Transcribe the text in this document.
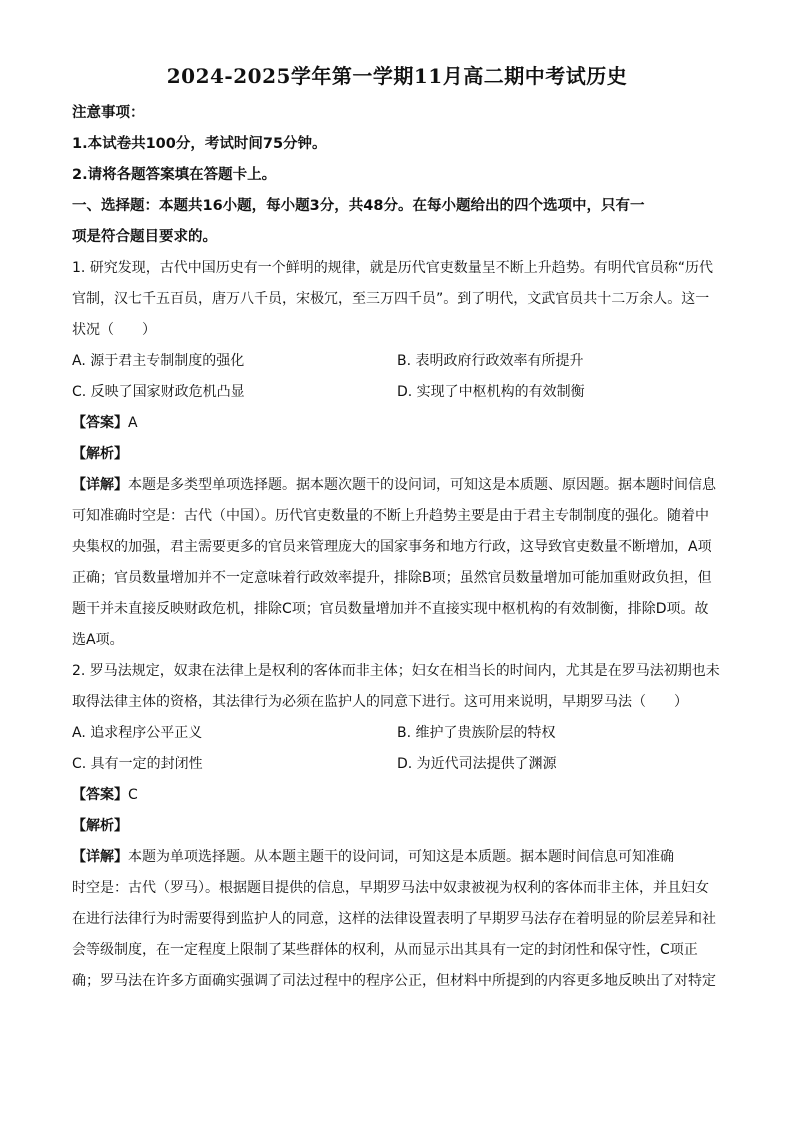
2024-2025学年第一学期11月高二期中考试历史
注意事项：
1.本试卷共100分，考试时间75分钟。
2.请将各题答案填在答题卡上。
一、选择题：本题共16小题，每小题3分，共48分。在每小题给出的四个选项中，只有一
项是符合题目要求的。
1. 研究发现，古代中国历史有一个鲜明的规律，就是历代官吏数量呈不断上升趋势。有明代官员称“历代
官制，汉七千五百员，唐万八千员，宋极冗，至三万四千员”。到了明代，文武官员共十二万余人。这一
状况（　　）
A. 源于君主专制制度的强化	B. 表明政府行政效率有所提升
C. 反映了国家财政危机凸显	D. 实现了中枢机构的有效制衡
【答案】A
【解析】
【详解】本题是多类型单项选择题。据本题次题干的设问词，可知这是本质题、原因题。据本题时间信息
可知准确时空是：古代（中国）。历代官吏数量的不断上升趋势主要是由于君主专制制度的强化。随着中
央集权的加强，君主需要更多的官员来管理庞大的国家事务和地方行政，这导致官吏数量不断增加，A项
正确；官员数量增加并不一定意味着行政效率提升，排除B项；虽然官员数量增加可能加重财政负担，但
题干并未直接反映财政危机，排除C项；官员数量增加并不直接实现中枢机构的有效制衡，排除D项。故
选A项。
2. 罗马法规定，奴隶在法律上是权利的客体而非主体；妇女在相当长的时间内，尤其是在罗马法初期也未
取得法律主体的资格，其法律行为必须在监护人的同意下进行。这可用来说明，早期罗马法（　　）
A. 追求程序公平正义	B. 维护了贵族阶层的特权
C. 具有一定的封闭性	D. 为近代司法提供了渊源
【答案】C
【解析】
【详解】本题为单项选择题。从本题主题干的设问词，可知这是本质题。据本题时间信息可知准确
时空是：古代（罗马）。根据题目提供的信息，早期罗马法中奴隶被视为权利的客体而非主体，并且妇女
在进行法律行为时需要得到监护人的同意，这样的法律设置表明了早期罗马法存在着明显的阶层差异和社
会等级制度，在一定程度上限制了某些群体的权利，从而显示出其具有一定的封闭性和保守性，C项正
确；罗马法在许多方面确实强调了司法过程中的程序公正，但材料中所提到的内容更多地反映出了对特定
